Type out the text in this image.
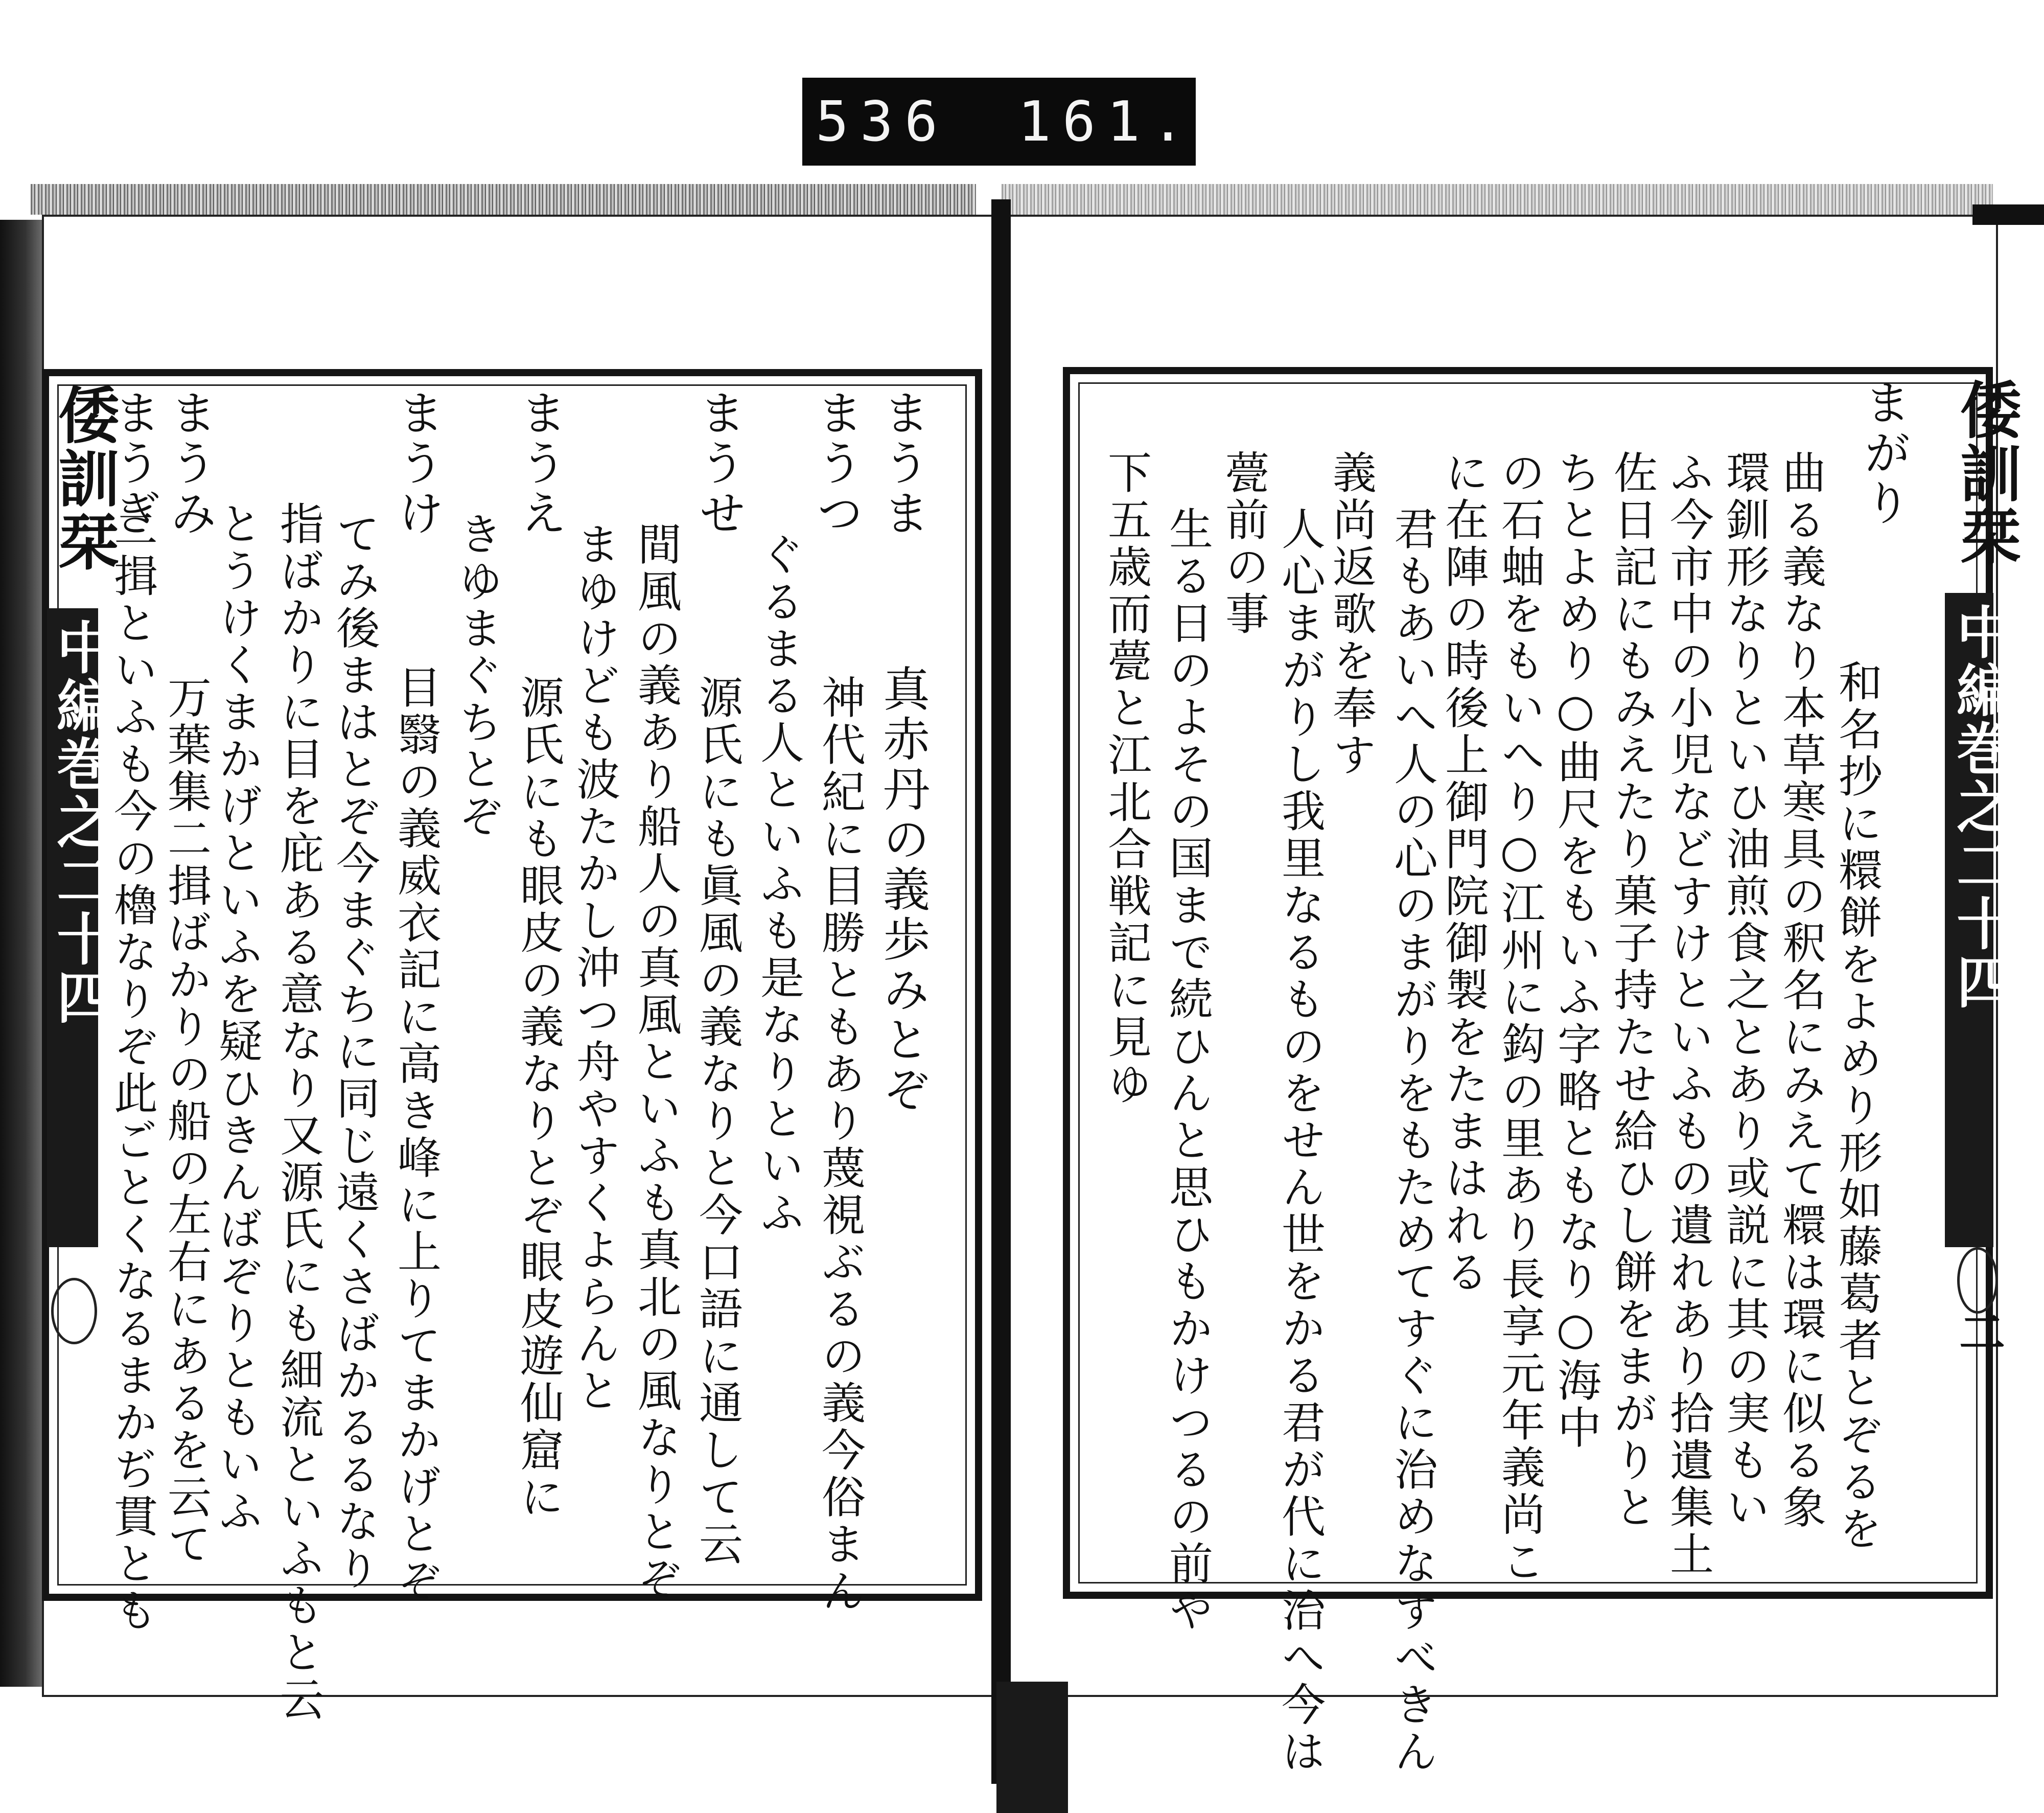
536 161.
倭訓栞
中編巻之二十四
まうま
まうつ
まうせ
まうえ
まうけ
まうみ
まうぎ
真赤丹の義歩みとぞ
神代紀に目勝ともあり蔑視ぶるの義今俗まん
ぐるまる人といふも是なりといふ
源氏にも眞風の義なりと今口語に通して云
間風の義あり船人の真風といふも真北の風なりとぞ
まゆけども波たかし沖つ舟やすくよらんと
源氏にも眼皮の義なりとぞ眼皮遊仙窟に
きゆまぐちとぞ
目翳の義威衣記に高き峰に上りてまかげとぞ
てみ後まはとぞ今まぐちに同じ遠くさばかるるなり
指ばかりに目を庇ある意なり又源氏にも細流といふもと云
とうけくまかげといふを疑ひきんばぞりともいふ
万葉集二揖ばかりの船の左右にあるを云て
二揖といふも今の櫓なりぞ此ごとくなるまかぢ貫とも
倭訓栞
中編巻之二十四
二
まがり
和名抄に糫餅をよめり形如藤葛者とぞるを
曲る義なり本草寒具の釈名にみえて糫は環に似る象
環釧形なりといひ油煎食之とあり或説に其の実もい
ふ今市中の小児などすけといふもの遺れあり拾遺集土
佐日記にもみえたり菓子持たせ給ひし餅をまがりと
ちとよめり○曲尺をもいふ字略ともなり○海中
の石蚰をもいへり○江州に鈎の里あり長享元年義尚こ
に在陣の時後上御門院御製をたまはれる
君もあいへ人の心のまがりをもためてすぐに治めなすべきん
義尚返歌を奉す
人心まがりし我里なるものをせん世をかる君が代に治へ今は
甍前の事
生る日のよその国まで続ひんと思ひもかけつるの前や
下五歳而甍と江北合戦記に見ゆ
